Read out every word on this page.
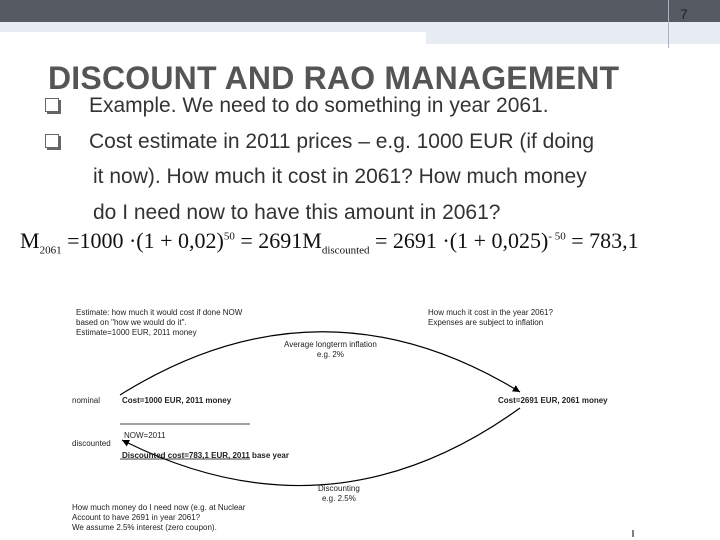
7
DISCOUNT AND RAO MANAGEMENT
Example. We need to do something in year 2061.
Cost estimate in 2011 prices – e.g. 1000 EUR (if doing
it now). How much it cost in 2061? How much money
do I need now to have this amount in 2061?
$M_{2061} =1000 \cdot(1 + 0,02)^{50} = 2691M_{discounted} = 2691 \cdot(1 + 0,025)^{- 50} = 783,1$
Estimate: how much it would cost if done NOW
based on "how we would do it".
Estimate=1000 EUR, 2011 money
How much it cost in the year 2061?
Expenses are subject to inflation
Average longterm inflation
e.g. 2%
nominal	Cost=1000 EUR, 2011 money	Cost=2691 EUR, 2061 money
NOW=2011
discounted
Discounted cost=783,1 EUR, 2011 base year
Discounting
e.g. 2.5%
How much money do I need now (e.g. at Nuclear
Account to have 2691 in year 2061?
We assume 2.5% interest (zero coupon).
